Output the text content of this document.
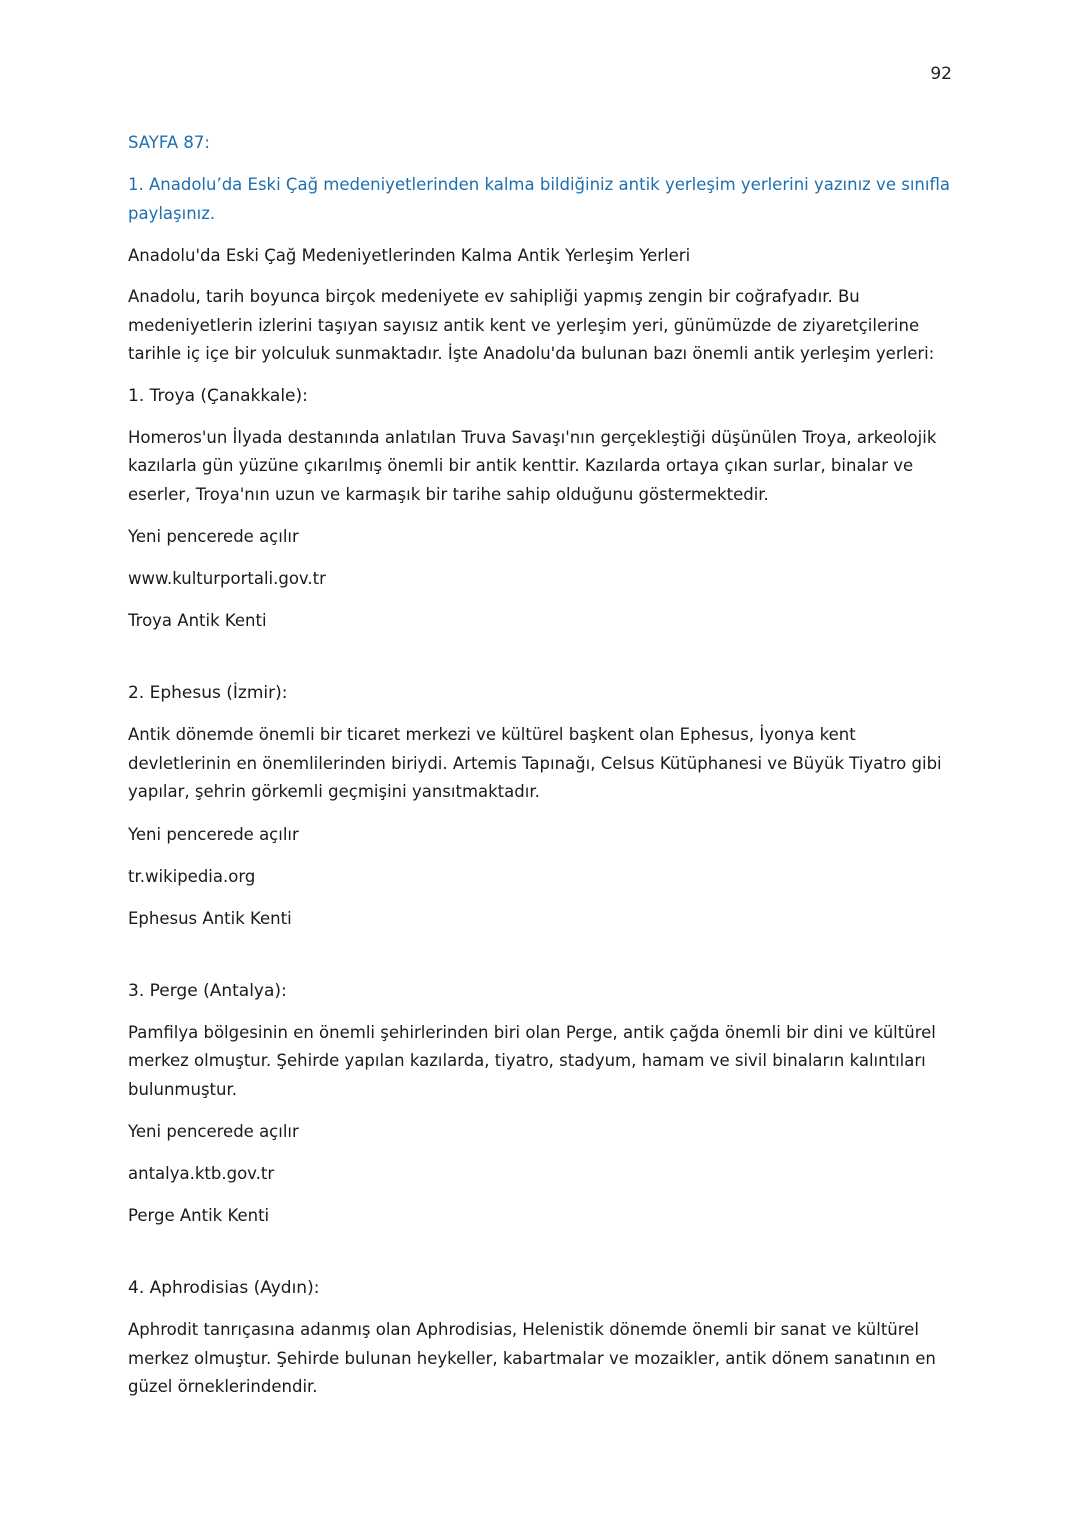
92

SAYFA 87:

1. Anadolu’da Eski Çağ medeniyetlerinden kalma bildiğiniz antik yerleşim yerlerini yazınız ve sınıfla paylaşınız.

Anadolu'da Eski Çağ Medeniyetlerinden Kalma Antik Yerleşim Yerleri

Anadolu, tarih boyunca birçok medeniyete ev sahipliği yapmış zengin bir coğrafyadır. Bu medeniyetlerin izlerini taşıyan sayısız antik kent ve yerleşim yeri, günümüzde de ziyaretçilerine tarihle iç içe bir yolculuk sunmaktadır. İşte Anadolu'da bulunan bazı önemli antik yerleşim yerleri:

1. Troya (Çanakkale):

Homeros'un İlyada destanında anlatılan Truva Savaşı'nın gerçekleştiği düşünülen Troya, arkeolojik kazılarla gün yüzüne çıkarılmış önemli bir antik kenttir. Kazılarda ortaya çıkan surlar, binalar ve eserler, Troya'nın uzun ve karmaşık bir tarihe sahip olduğunu göstermektedir.

Yeni pencerede açılır

www.kulturportali.gov.tr

Troya Antik Kenti

2. Ephesus (İzmir):

Antik dönemde önemli bir ticaret merkezi ve kültürel başkent olan Ephesus, İyonya kent devletlerinin en önemlilerinden biriydi. Artemis Tapınağı, Celsus Kütüphanesi ve Büyük Tiyatro gibi yapılar, şehrin görkemli geçmişini yansıtmaktadır.

Yeni pencerede açılır

tr.wikipedia.org

Ephesus Antik Kenti

3. Perge (Antalya):

Pamfilya bölgesinin en önemli şehirlerinden biri olan Perge, antik çağda önemli bir dini ve kültürel merkez olmuştur. Şehirde yapılan kazılarda, tiyatro, stadyum, hamam ve sivil binaların kalıntıları bulunmuştur.

Yeni pencerede açılır

antalya.ktb.gov.tr

Perge Antik Kenti

4. Aphrodisias (Aydın):

Aphrodit tanrıçasına adanmış olan Aphrodisias, Helenistik dönemde önemli bir sanat ve kültürel merkez olmuştur. Şehirde bulunan heykeller, kabartmalar ve mozaikler, antik dönem sanatının en güzel örneklerindendir.
